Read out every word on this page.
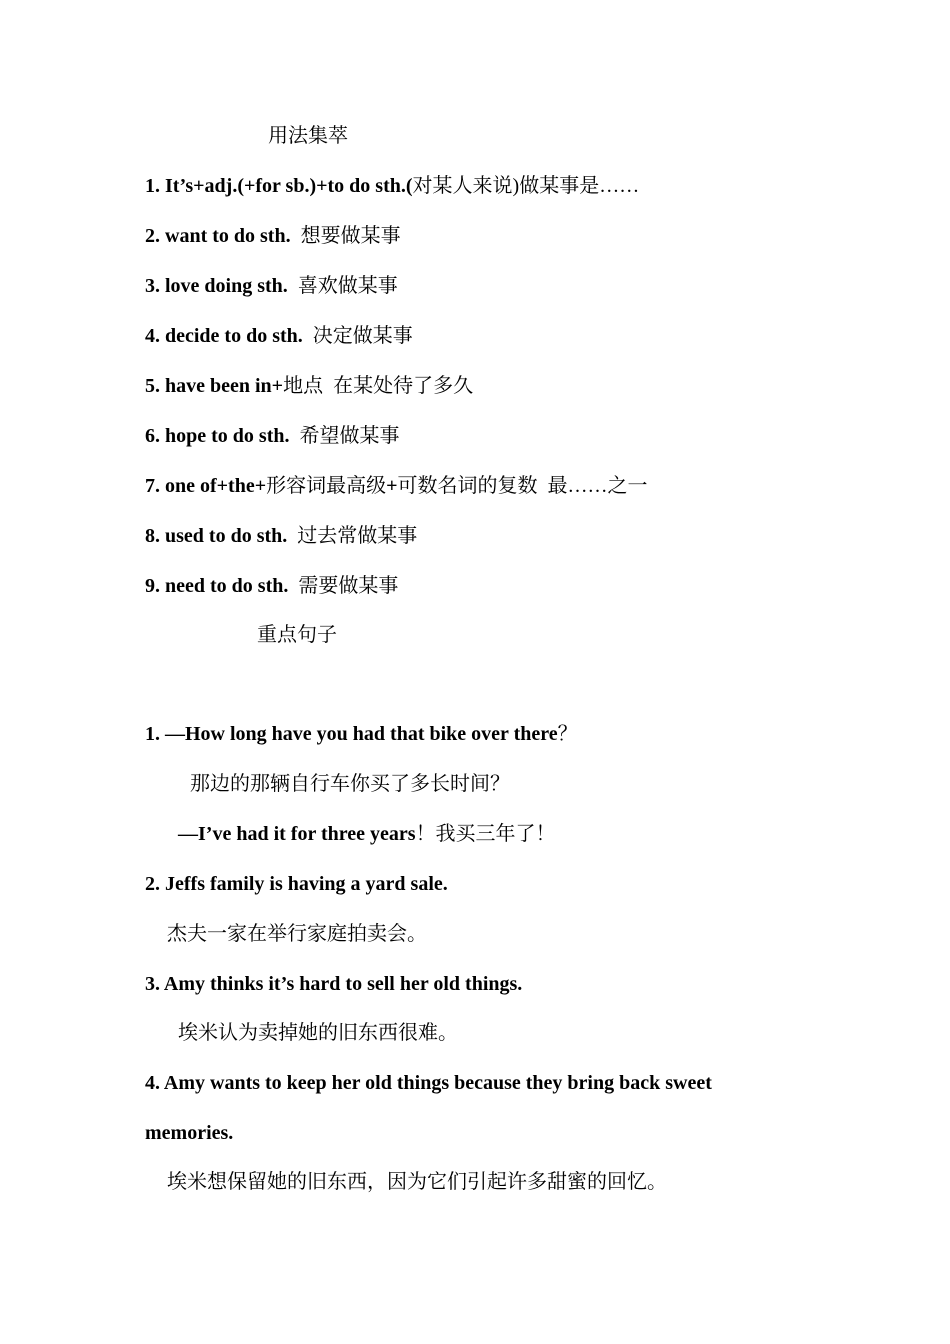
用法集萃
1. It’s+adj.(+for sb.)+to do sth.(对某人来说)做某事是……
2. want to do sth. 想要做某事
3. love doing sth. 喜欢做某事
4. decide to do sth. 决定做某事
5. have been in+地点  在某处待了多久
6. hope to do sth. 希望做某事
7. one of+the+形容词最高级+可数名词的复数  最……之一
8. used to do sth. 过去常做某事
9. need to do sth. 需要做某事
重点句子
1. —How long have you had that bike over there？
那边的那辆自行车你买了多长时间？
—I’ve had it for three years！我买三年了！
2. Jeffs family is having a yard sale.
杰夫一家在举行家庭拍卖会。
3. Amy thinks it’s hard to sell her old things.
埃米认为卖掉她的旧东西很难。
4. Amy wants to keep her old things because they bring back sweet
memories.
埃米想保留她的旧东西，因为它们引起许多甜蜜的回忆。
